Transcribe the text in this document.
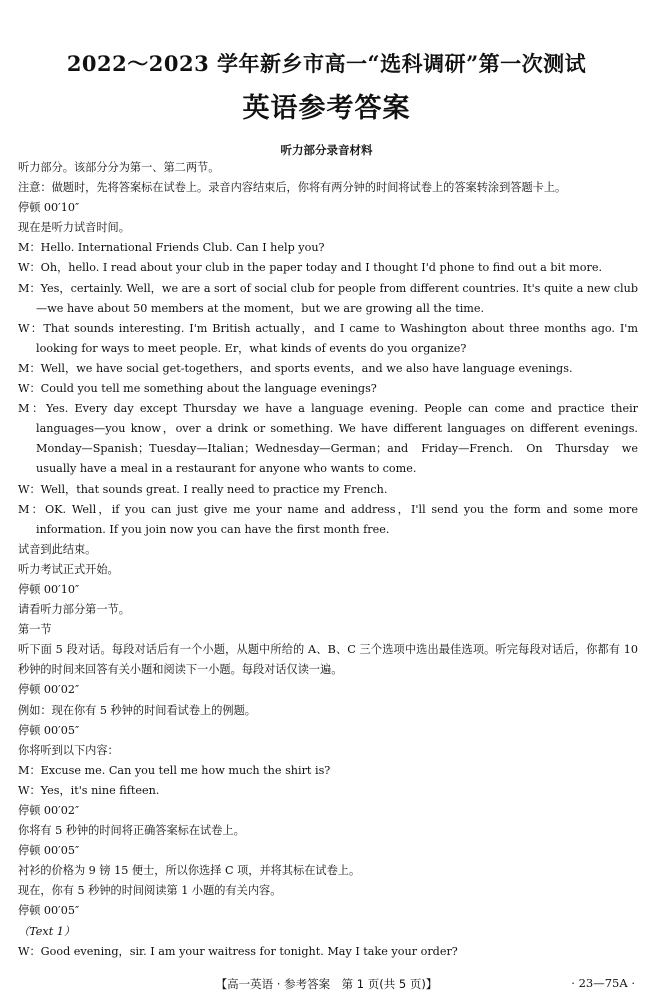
2022～2023 学年新乡市高一“选科调研”第一次测试
英语参考答案
听力部分录音材料
听力部分。该部分分为第一、第二两节。
注意：做题时，先将答案标在试卷上。录音内容结束后，你将有两分钟的时间将试卷上的答案转涂到答题卡上。
停顿 00′10″
现在是听力试音时间。
M：Hello. International Friends Club. Can I help you?
W：Oh，hello. I read about your club in the paper today and I thought I'd phone to find out a bit more.
M：Yes，certainly. Well，we are a sort of social club for people from different countries. It's quite a new club—we have about 50 members at the moment，but we are growing all the time.
W：That sounds interesting. I'm British actually，and I came to Washington about three months ago. I'm looking for ways to meet people. Er，what kinds of events do you organize?
M：Well，we have social get-togethers，and sports events，and we also have language evenings.
W：Could you tell me something about the language evenings?
M：Yes. Every day except Thursday we have a language evening. People can come and practice their languages—you know，over a drink or something. We have different languages on different evenings. Monday—Spanish；Tuesday—Italian；Wednesday—German；and Friday—French. On Thursday we usually have a meal in a restaurant for anyone who wants to come.
W：Well，that sounds great. I really need to practice my French.
M：OK. Well，if you can just give me your name and address，I'll send you the form and some more information. If you join now you can have the first month free.
试音到此结束。
听力考试正式开始。
停顿 00′10″
请看听力部分第一节。
第一节
听下面 5 段对话。每段对话后有一个小题，从题中所给的 A、B、C 三个选项中选出最佳选项。听完每段对话后，你都有 10 秒钟的时间来回答有关小题和阅读下一小题。每段对话仅读一遍。
停顿 00′02″
例如：现在你有 5 秒钟的时间看试卷上的例题。
停顿 00′05″
你将听到以下内容：
M：Excuse me. Can you tell me how much the shirt is?
W：Yes，it's nine fifteen.
停顿 00′02″
你将有 5 秒钟的时间将正确答案标在试卷上。
停顿 00′05″
衬衫的价格为 9 镑 15 便士，所以你选择 C 项，并将其标在试卷上。
现在，你有 5 秒钟的时间阅读第 1 小题的有关内容。
停顿 00′05″
（Text 1）
W：Good evening，sir. I am your waitress for tonight. May I take your order?
【高一英语 · 参考答案　第 1 页(共 5 页)】	· 23—75A ·
